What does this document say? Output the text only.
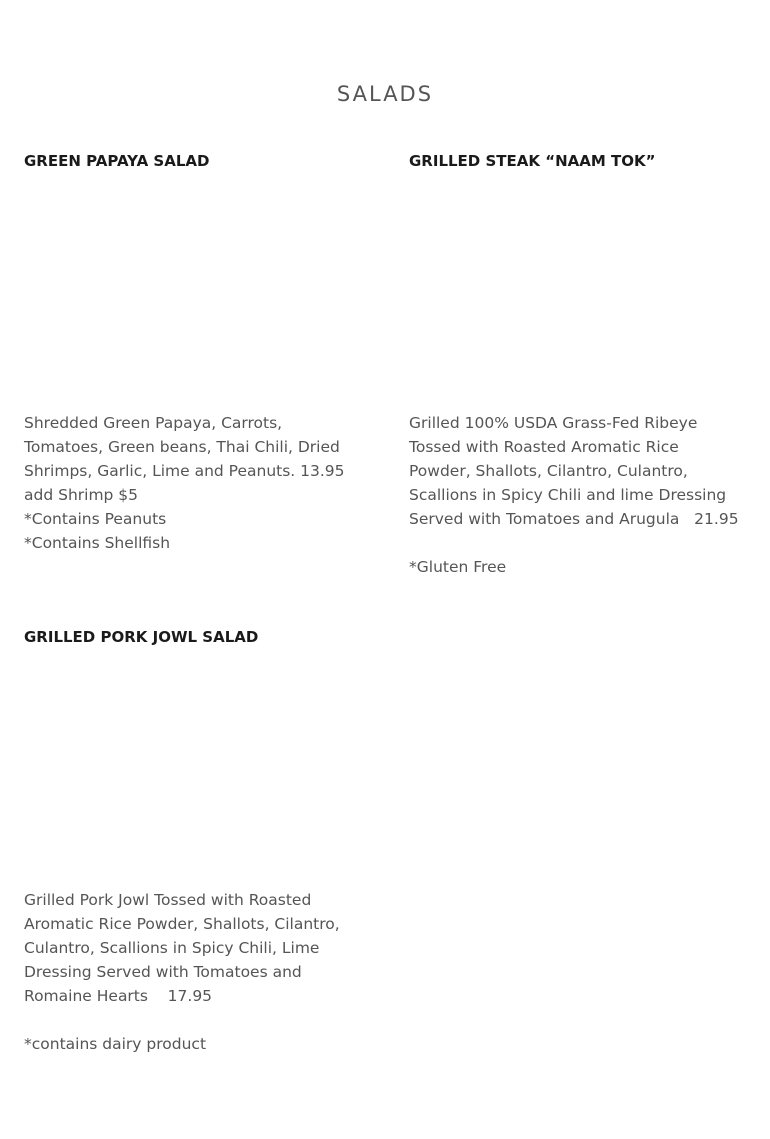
SALADS
GREEN PAPAYA SALAD

Shredded Green Papaya, Carrots,
Tomatoes, Green beans, Thai Chili, Dried
Shrimps, Garlic, Lime and Peanuts. 13.95
add Shrimp $5
*Contains Peanuts
*Contains Shellfish

GRILLED STEAK “NAAM TOK”

Grilled 100% USDA Grass-Fed Ribeye
Tossed with Roasted Aromatic Rice
Powder, Shallots, Cilantro, Culantro,
Scallions in Spicy Chili and lime Dressing
Served with Tomatoes and Arugula   21.95
*Gluten Free

GRILLED PORK JOWL SALAD

Grilled Pork Jowl Tossed with Roasted
Aromatic Rice Powder, Shallots, Cilantro,
Culantro, Scallions in Spicy Chili, Lime
Dressing Served with Tomatoes and
Romaine Hearts    17.95
*contains dairy product
